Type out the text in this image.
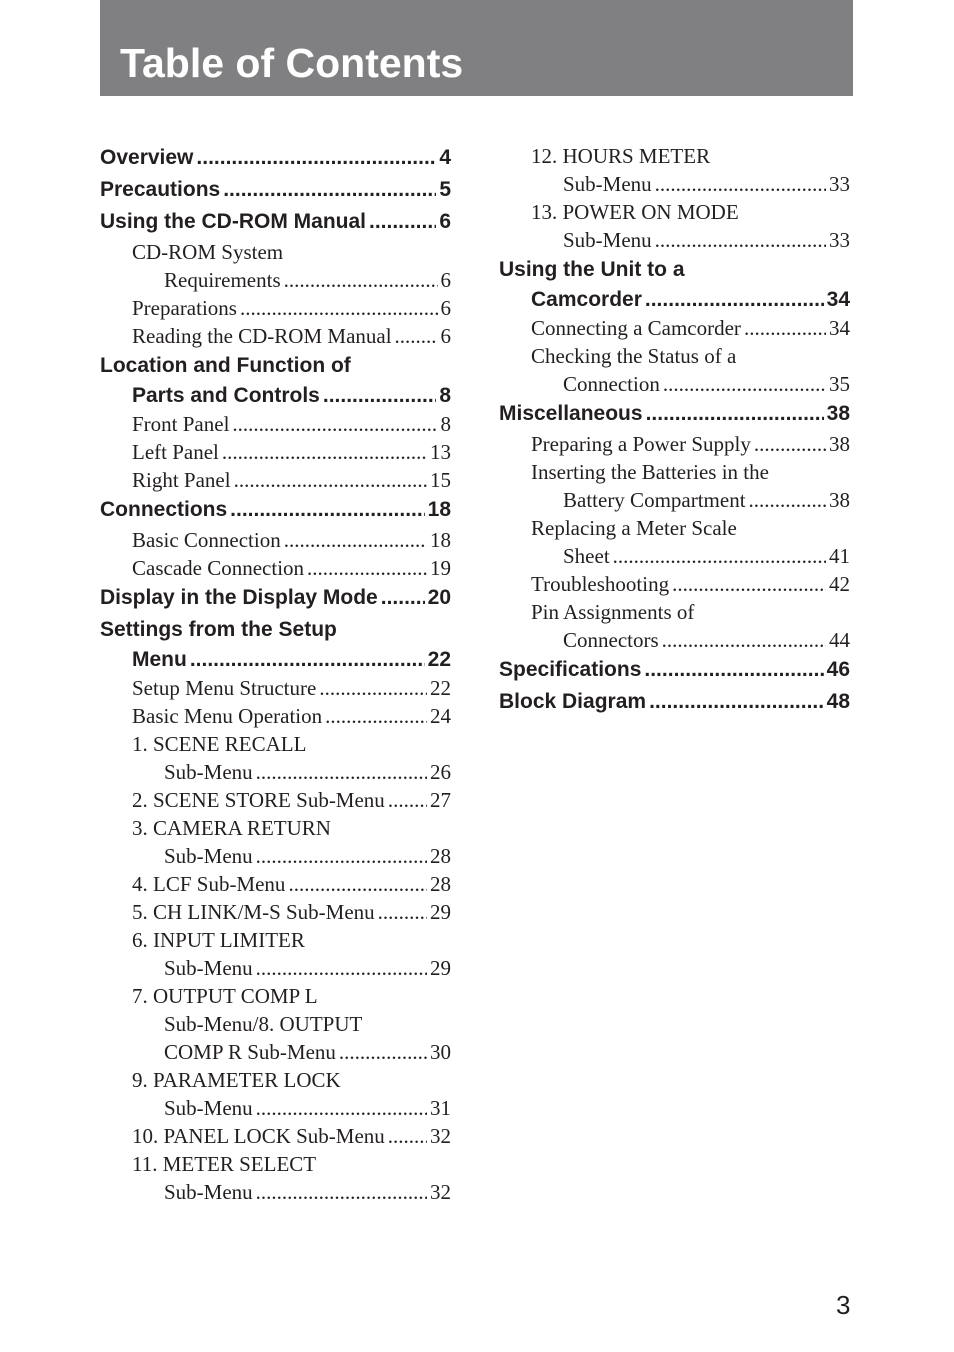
Table of Contents
Overview .....	4
Precautions .....	5
Using the CD-ROM Manual .....	6
CD-ROM System
Requirements .....	6
Preparations .....	6
Reading the CD-ROM Manual ..... 6
Location and Function of
Parts and Controls .....	8
Front Panel .....	8
Left Panel .....	13
Right Panel .....	15
Connections .....	18
Basic Connection .....	18
Cascade Connection .....	19
Display in the Display Mode ..... 20
Settings from the Setup
Menu .....	22
Setup Menu Structure .....	22
Basic Menu Operation .....	24
1. SCENE RECALL
Sub-Menu .....	26
2. SCENE STORE Sub-Menu ..... 27
3. CAMERA RETURN
Sub-Menu .....	28
4. LCF Sub-Menu .....	28
5. CH LINK/M-S Sub-Menu .....	29
6. INPUT LIMITER
Sub-Menu .....	29
7. OUTPUT COMP L
Sub-Menu/8. OUTPUT
COMP R Sub-Menu .....	30
9. PARAMETER LOCK
Sub-Menu .....	31
10. PANEL LOCK Sub-Menu ..... 32
11. METER SELECT
Sub-Menu .....	32
12. HOURS METER
Sub-Menu .....	33
13. POWER ON MODE
Sub-Menu .....	33
Using the Unit to a
Camcorder .....	34
Connecting a Camcorder .....	34
Checking the Status of a
Connection .....	35
Miscellaneous .....	38
Preparing a Power Supply .....	38
Inserting the Batteries in the
Battery Compartment .....	38
Replacing a Meter Scale
Sheet .....	41
Troubleshooting .....	42
Pin Assignments of
Connectors .....	44
Specifications .....	46
Block Diagram .....	48
3
